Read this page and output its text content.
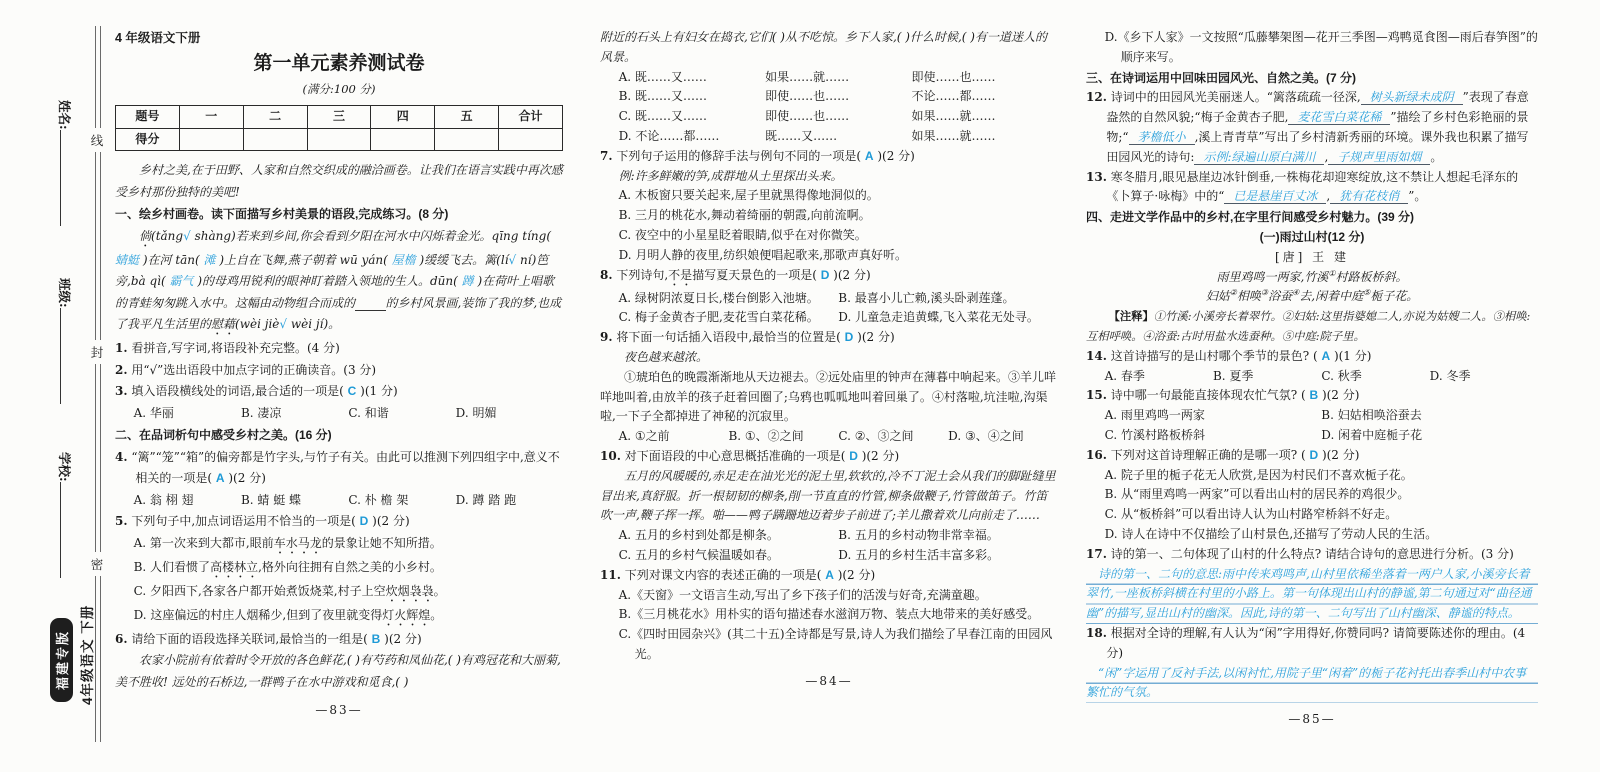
线
封
密
姓名:
班级:
学校:
福建专版 4年级语文 下册
4 年级语文下册
第一单元素养测试卷
(满分:100 分)
题号	一	二	三	四	五	合计
得分						
乡村之美,在于田野、人家和自然交织成的融洽画卷。让我们在语言实践中再次感受乡村那份独特的美吧!
一、绘乡村画卷。读下面描写乡村美景的语段,完成练习。(8 分)
倘(tǎng√ shàng)若来到乡间,你会看到夕阳在河水中闪烁着金光。qīng tíng( 蜻蜓 )在河 tān( 滩 )上自在飞舞,燕子朝着 wū yán( 屋檐 )缓缓飞去。篱(lí√ ní)笆旁,bà qì( 霸气 )的母鸡用锐利的眼神盯着踏入领地的生人。dūn( 蹲 )在荷叶上唱歌的青蛙匆匆跳入水中。这幅由动物组合而成的	的乡村风景画,装饰了我的梦,也成了我平凡生活里的慰藉(wèi jiè√ wèi jí)。
1. 看拼音,写字词,将语段补充完整。(4 分)
2. 用“√”选出语段中加点字词的正确读音。(3 分)
3. 填入语段横线处的词语,最合适的一项是( C )(1 分)
A. 华丽	B. 凄凉	C. 和谐	D. 明媚
二、在品词析句中感受乡村之美。(16 分)
4. “篱”“笼”“箱”的偏旁都是竹字头,与竹子有关。由此可以推测下列四组字中,意义不相关的一项是( A )(2 分)
A. 翁 栩 翅	B. 蜻 蜓 蝶	C. 朴 檐 架	D. 蹲 踏 跑
5. 下列句子中,加点词语运用不恰当的一项是( D )(2 分)
A. 第一次来到大都市,眼前车水马龙的景象让她不知所措。
B. 人们看惯了高楼林立,格外向往拥有自然之美的小乡村。
C. 夕阳西下,各家各户都开始煮饭烧菜,村子上空炊烟袅袅。
D. 这座偏远的村庄人烟稀少,但到了夜里就变得灯火辉煌。
6. 请给下面的语段选择关联词,最恰当的一组是( B )(2 分)
农家小院前有依着时令开放的各色鲜花,( )有芍药和凤仙花,( )有鸡冠花和大丽菊,美不胜收! 远处的石桥边,一群鸭子在水中游戏和觅食,( )
—83—
附近的石头上有妇女在捣衣,它们( )从不吃惊。乡下人家,( )什么时候,( )有一道迷人的风景。
A. 既……又……	如果……就……	即使……也……
B. 既……又……	即使……也……	不论……都……
C. 既……又……	即使……也……	如果……就……
D. 不论……都……	既……又……	如果……就……
7. 下列句子运用的修辞手法与例句不同的一项是( A )(2 分)
例:许多鲜嫩的笋,成群地从土里探出头来。
A. 木板窗只要关起来,屋子里就黑得像地洞似的。
B. 三月的桃花水,舞动着绮丽的朝霞,向前流啊。
C. 夜空中的小星星眨着眼睛,似乎在对你微笑。
D. 月明人静的夜里,纺织娘便唱起歌来,那歌声真好听。
8. 下列诗句,不是描写夏天景色的一项是( D )(2 分)
A. 绿树阴浓夏日长,楼台倒影入池塘。	B. 最喜小儿亡赖,溪头卧剥莲蓬。
C. 梅子金黄杏子肥,麦花雪白菜花稀。	D. 儿童急走追黄蝶,飞入菜花无处寻。
9. 将下面一句话插入语段中,最恰当的位置是( D )(2 分)
夜色越来越浓。
①琥珀色的晚霞渐渐地从天边褪去。②远处庙里的钟声在薄暮中响起来。③羊儿咩咩地叫着,由放羊的孩子赶着回圈了;乌鸦也呱呱地叫着回巢了。④村落啦,坑洼啦,沟渠啦,一下子全都掉进了神秘的沉寂里。
A. ①之前	B. ①、②之间	C. ②、③之间	D. ③、④之间
10. 对下面语段的中心意思概括准确的一项是( D )(2 分)
五月的风暖暖的,赤足走在油光光的泥土里,软软的,冷不丁泥土会从我们的脚趾缝里冒出来,真舒服。折一根韧韧的柳条,削一节直直的竹管,柳条做鞭子,竹管做笛子。竹笛吹一声,鞭子挥一挥。啪——鸭子蹒跚地迈着步子前进了;羊儿撒着欢儿向前走了……
A. 五月的乡村到处都是柳条。	B. 五月的乡村动物非常幸福。
C. 五月的乡村气候温暖如春。	D. 五月的乡村生活丰富多彩。
11. 下列对课文内容的表述正确的一项是( A )(2 分)
A.《天窗》一文语言生动,写出了乡下孩子们的活泼与好奇,充满童趣。
B.《三月桃花水》用朴实的语句描述春水滋润万物、装点大地带来的美好感受。
C.《四时田园杂兴》(其二十五)全诗都是写景,诗人为我们描绘了早春江南的田园风光。
—84—
D.《乡下人家》一文按照“瓜藤攀架图—花开三季图—鸡鸭觅食图—雨后春笋图”的顺序来写。
三、在诗词运用中回味田园风光、自然之美。(7 分)
12. 诗词中的田园风光美丽迷人。“篱落疏疏一径深, 树头新绿未成阴 ”表现了春意盎然的自然风貌;“梅子金黄杏子肥, 麦花雪白菜花稀 ”描绘了乡村色彩艳丽的景物;“ 茅檐低小 ,溪上青青草”写出了乡村清新秀丽的环境。课外我也积累了描写田园风光的诗句: 示例:绿遍山原白满川 , 子规声里雨如烟 。
13. 寒冬腊月,眼见悬崖边冰针倒垂,一株梅花却迎寒绽放,这不禁让人想起毛泽东的《卜算子·咏梅》中的“ 已是悬崖百丈冰 , 犹有花枝俏 ”。
四、走进文学作品中的乡村,在字里行间感受乡村魅力。(39 分)
(一)雨过山村(12 分)
[唐] 王 建
雨里鸡鸣一两家,竹溪①村路板桥斜。
妇姑②相唤③浴蚕④去,闲着中庭⑤栀子花。
【注释】①竹溪:小溪旁长着翠竹。②妇姑:这里指婆媳二人,亦说为姑嫂二人。③相唤:互相呼唤。④浴蚕:古时用盐水选蚕种。⑤中庭:院子里。
14. 这首诗描写的是山村哪个季节的景色? ( A )(1 分)
A. 春季	B. 夏季	C. 秋季	D. 冬季
15. 诗中哪一句最能直接体现农忙气氛? ( B )(2 分)
A. 雨里鸡鸣一两家	B. 妇姑相唤浴蚕去
C. 竹溪村路板桥斜	D. 闲着中庭栀子花
16. 下列对这首诗理解正确的是哪一项? ( D )(2 分)
A. 院子里的栀子花无人欣赏,是因为村民们不喜欢栀子花。
B. 从“雨里鸡鸣一两家”可以看出山村的居民养的鸡很少。
C. 从“板桥斜”可以看出诗人认为山村路窄桥斜不好走。
D. 诗人在诗中不仅描绘了山村景色,还描写了劳动人民的生活。
17. 诗的第一、二句体现了山村的什么特点? 请结合诗句的意思进行分析。(3 分)
诗的第一、二句的意思:雨中传来鸡鸣声,山村里依稀坐落着一两户人家,小溪旁长着翠竹,一座板桥斜横在村里的小路上。第一句体现出山村的静谧,第二句通过对“曲径通幽”的描写,显出山村的幽深。因此,诗的第一、二句写出了山村幽深、静谧的特点。
18. 根据对全诗的理解,有人认为“闲”字用得好,你赞同吗? 请简要陈述你的理由。(4 分)
“闲”字运用了反衬手法,以闲衬忙,用院子里“闲着”的栀子花衬托出春季山村中农事繁忙的气氛。
—85—
